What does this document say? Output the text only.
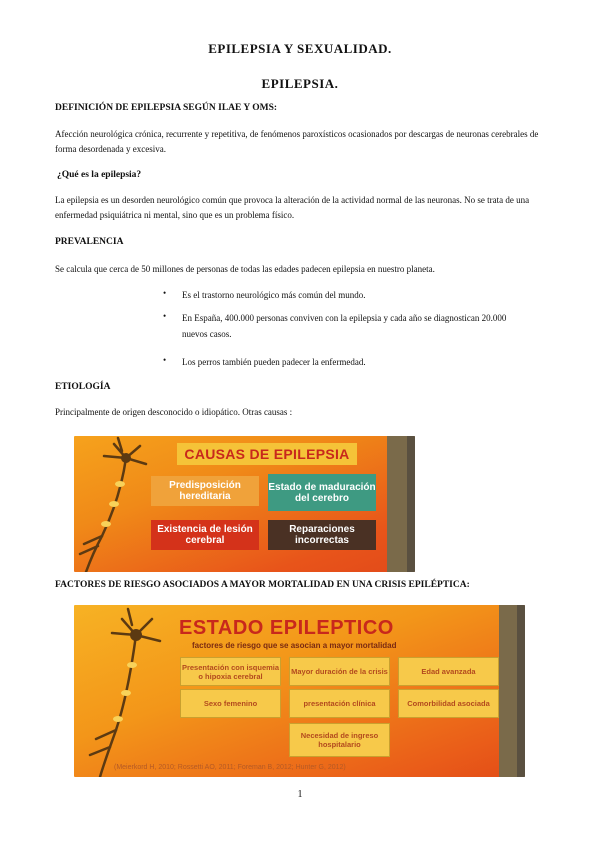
EPILEPSIA Y SEXUALIDAD.
EPILEPSIA.
DEFINICIÓN DE EPILEPSIA SEGÚN ILAE Y OMS:
Afección neurológica crónica, recurrente y repetitiva, de fenómenos paroxísticos ocasionados por descargas de neuronas cerebrales de forma desordenada y excesiva.
¿Qué es la epilepsia?
La epilepsia es un desorden neurológico común que provoca la alteración de la actividad normal de las neuronas. No se trata de una enfermedad psiquiátrica ni mental, sino que es un problema físico.
PREVALENCIA
Se calcula que cerca de 50 millones de personas de todas las edades padecen epilepsia en nuestro planeta.
• Es el trastorno neurológico más común del mundo.
• En España, 400.000 personas conviven con la epilepsia y cada año se diagnostican 20.000 nuevos casos.
• Los perros también pueden padecer la enfermedad.
ETIOLOGÍA
Principalmente de origen desconocido o idiopático. Otras causas :
CAUSAS DE EPILEPSIA
Predisposición hereditaria
Estado de maduración del cerebro
Existencia de lesión cerebral
Reparaciones incorrectas
FACTORES DE RIESGO ASOCIADOS A MAYOR MORTALIDAD EN UNA CRISIS EPILÉPTICA:
ESTADO EPILEPTICO
factores de riesgo que se asocian a mayor mortalidad
Presentación con isquemia o hipoxia cerebral	Mayor duración de la crisis	Edad avanzada
Sexo femenino	presentación clínica	Comorbilidad asociada
Necesidad de ingreso hospitalario
(Meierkord H, 2010; Rossetti AO, 2011; Foreman B, 2012; Hunter G, 2012)
1
